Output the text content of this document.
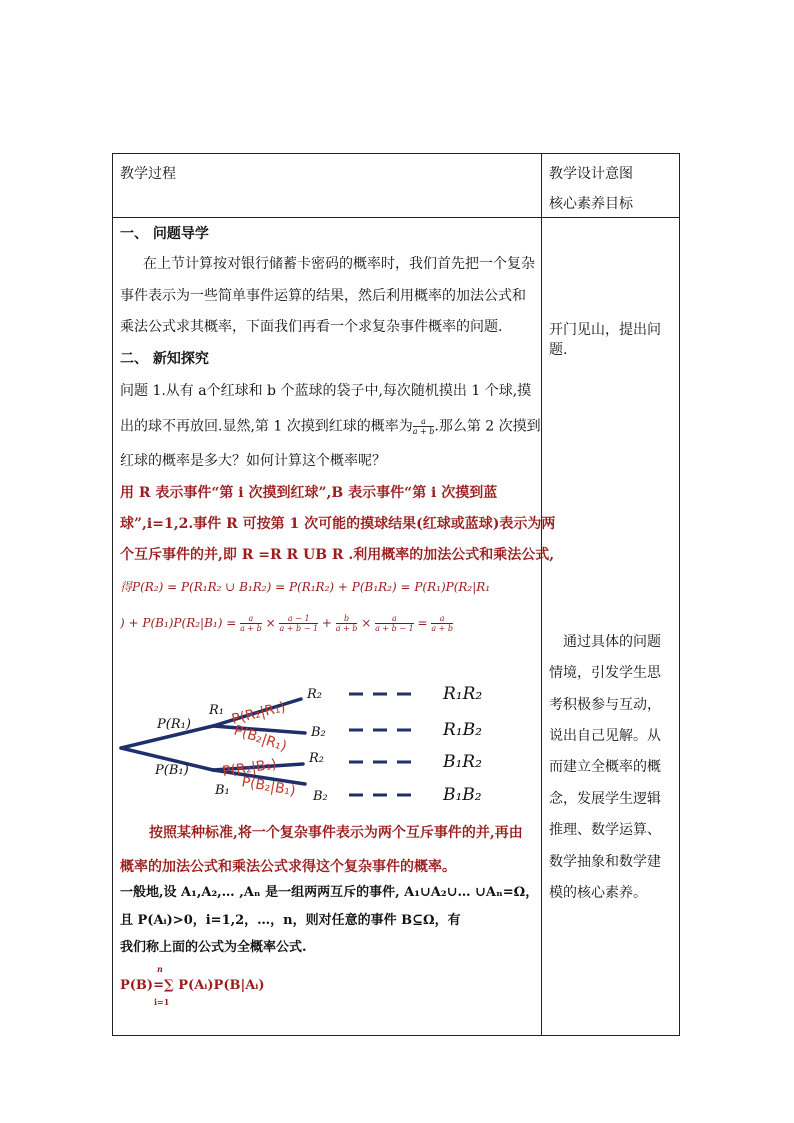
教学过程	教学设计意图
核心素养目标
一、 问题导学
在上节计算按对银行储蓄卡密码的概率时，我们首先把一个复杂
事件表示为一些简单事件运算的结果，然后利用概率的加法公式和
乘法公式求其概率，下面我们再看一个求复杂事件概率的问题.
二、 新知探究
问题 1.从有 a个红球和 b 个蓝球的袋子中,每次随机摸出 1 个球,摸
出的球不再放回.显然,第 1 次摸到红球的概率为 $\frac{a}{a + b}$ .那么第 2 次摸到
红球的概率是多大？如何计算这个概率呢？
用 R 表示事件“第 i 次摸到红球”,B 表示事件“第 i 次摸到蓝
球”,i=1,2.事件 R 可按第 1 次可能的摸球结果(红球或蓝球)表示为两
个互斥事件的并,即 R =R R UB R .利用概率的加法公式和乘法公式,
得P(R₂) = P(R₁R₂ ∪ B₁R₂) = P(R₁R₂) + P(B₁R₂) = P(R₁)P(R₂|R₁
) + $P(B_1)P(R_2|B_1) = \frac{a}{a + b} \times \frac{a - 1}{a + b - 1} + \frac{b}{a + b} \times \frac{a}{a + b - 1} = \frac{a}{a + b}$
P(R₁)
P(B₁)
R₁
B₁
R₂
B₂
R₂
B₂
R₁R₂
R₁B₂
B₁R₂
B₁B₂
P(R₂|R₁)
P(B₂|R₁)
P(R₂|B₁)
P(B₂|B₁)
按照某种标准,将一个复杂事件表示为两个互斥事件的并,再由
概率的加法公式和乘法公式求得这个复杂事件的概率。
一般地,设 A₁,A₂,… ,Aₙ 是一组两两互斥的事件, A₁∪A₂∪… ∪Aₙ=Ω，
且 P(Aᵢ)>0，i=1,2，…，n，则对任意的事件 B⊆Ω，有
我们称上面的公式为全概率公式.
n
P(B)=∑ P(Aᵢ)P(B|Aᵢ)
i=1
开门见山，提出问题.
通过具体的问题
情境，引发学生思
考积极参与互动，
说出自己见解。从
而建立全概率的概
念，发展学生逻辑
推理、数学运算、
数学抽象和数学建
模的核心素养。
